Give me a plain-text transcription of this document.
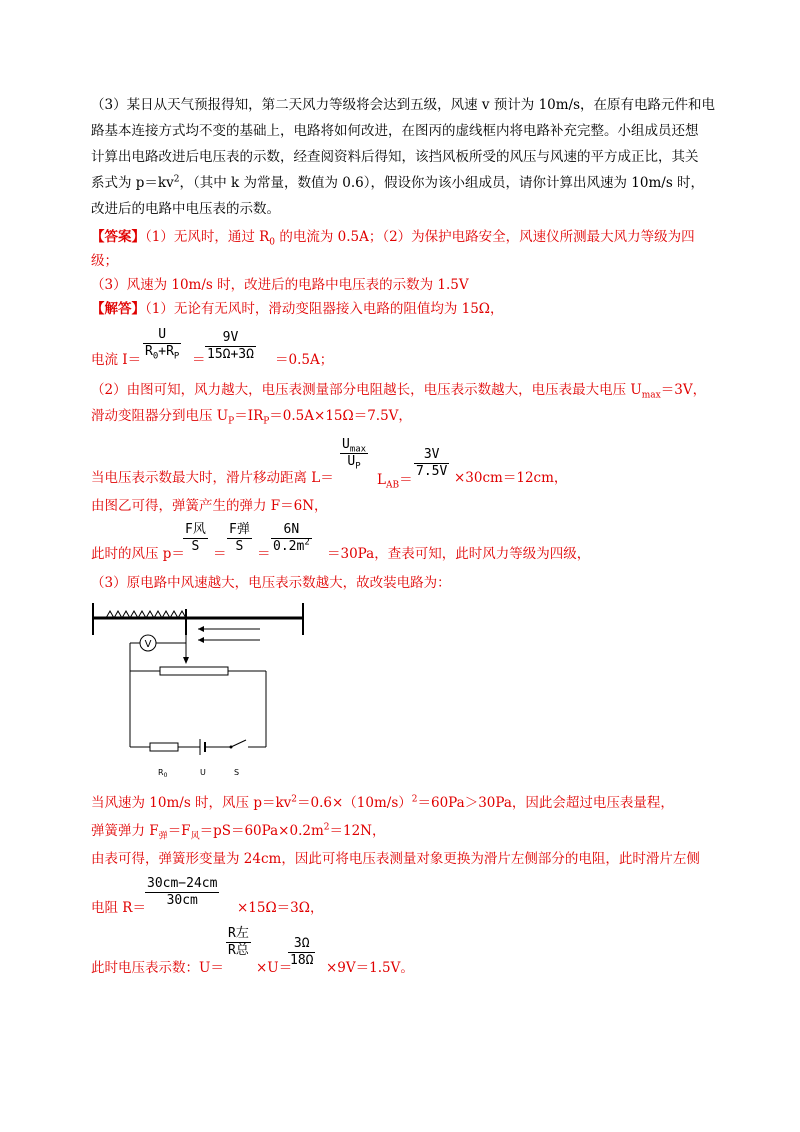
（3）某日从天气预报得知，第二天风力等级将会达到五级，风速 v 预计为 10m/s，在原有电路元件和电
路基本连接方式均不变的基础上，电路将如何改进，在图丙的虚线框内将电路补充完整。小组成员还想
计算出电路改进后电压表的示数，经查阅资料后得知，该挡风板所受的风压与风速的平方成正比，其关
系式为 $p=kv^2$，（其中 k 为常量，数值为 0.6），假设你为该小组成员，请你计算出风速为 10m/s 时，
改进后的电路中电压表的示数。
【答案】（1）无风时，通过 $R_0$ 的电流为 0.5A；（2）为保护电路安全，风速仪所测最大风力等级为四
级；
（3）风速为 10m/s 时，改进后的电路中电压表的示数为 1.5V
【解答】（1）无论有无风时，滑动变阻器接入电路的阻值均为 15Ω，
电流 $I= \frac{U}{R_0+R_P} = \frac{9V}{15\Omega+3\Omega} =0.5A$；
（2）由图可知，风力越大，电压表测量部分电阻越长，电压表示数越大，电压表最大电压 $U_{max}=3V$，
滑动变阻器分到电压 $U_P=IR_P=0.5A\times 15\Omega=7.5V$，
当电压表示数最大时，滑片移动距离 L＝
$U_{max}$
$U_P$
$L_{AB}= \frac{3V}{7.5V} \times 30cm=12cm$，
由图乙可得，弹簧产生的弹力 F＝6N，
此时的风压 p＝
F风
S	＝
F弹
S	＝ $\frac{6N}{0.2m^2} =30Pa$，查表可知，此时风力等级为四级，
（3）原电路中风速越大，电压表示数越大，故改装电路为：
V
$R_0$	U	S
当风速为 10m/s 时，风压 $p=kv^2=0.6\times(10m/s)^2=60Pa>30Pa$，因此会超过电压表量程，
弹簧弹力 $F_弹=F_风=pS=60Pa\times 0.2m^2=12N$，
由表可得，弹簧形变量为 24cm，因此可将电压表测量对象更换为滑片左侧部分的电阻，此时滑片左侧
电阻 $R= \frac{30cm-24cm}{30cm} \times 15\Omega=3\Omega$，
此时电压表示数：U＝
R左
R总
×U＝
$\frac{3\Omega}{18\Omega} \times 9V=1.5V$。
